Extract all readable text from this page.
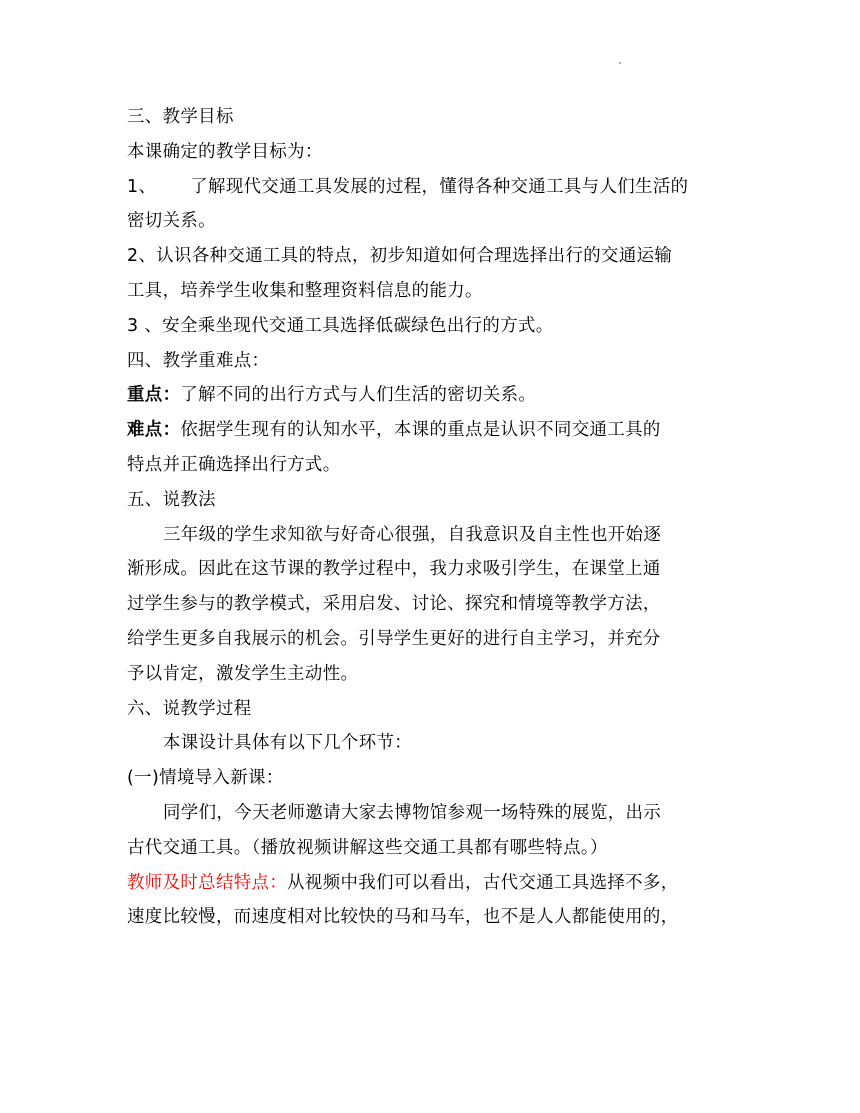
三、教学目标
本课确定的教学目标为：
1、 了解现代交通工具发展的过程，懂得各种交通工具与人们生活的
密切关系。
2、认识各种交通工具的特点，初步知道如何合理选择出行的交通运输
工具，培养学生收集和整理资料信息的能力。
3 、安全乘坐现代交通工具选择低碳绿色出行的方式。
四、教学重难点：
重点：了解不同的出行方式与人们生活的密切关系。
难点：依据学生现有的认知水平，本课的重点是认识不同交通工具的
特点并正确选择出行方式。
五、说教法
三年级的学生求知欲与好奇心很强，自我意识及自主性也开始逐
渐形成。因此在这节课的教学过程中，我力求吸引学生，在课堂上通
过学生参与的教学模式，采用启发、讨论、探究和情境等教学方法，
给学生更多自我展示的机会。引导学生更好的进行自主学习，并充分
予以肯定，激发学生主动性。
六、说教学过程
本课设计具体有以下几个环节：
(一)情境导入新课：
同学们，今天老师邀请大家去博物馆参观一场特殊的展览，出示
古代交通工具。（播放视频讲解这些交通工具都有哪些特点。）
教师及时总结特点：从视频中我们可以看出，古代交通工具选择不多，
速度比较慢，而速度相对比较快的马和马车，也不是人人都能使用的，
